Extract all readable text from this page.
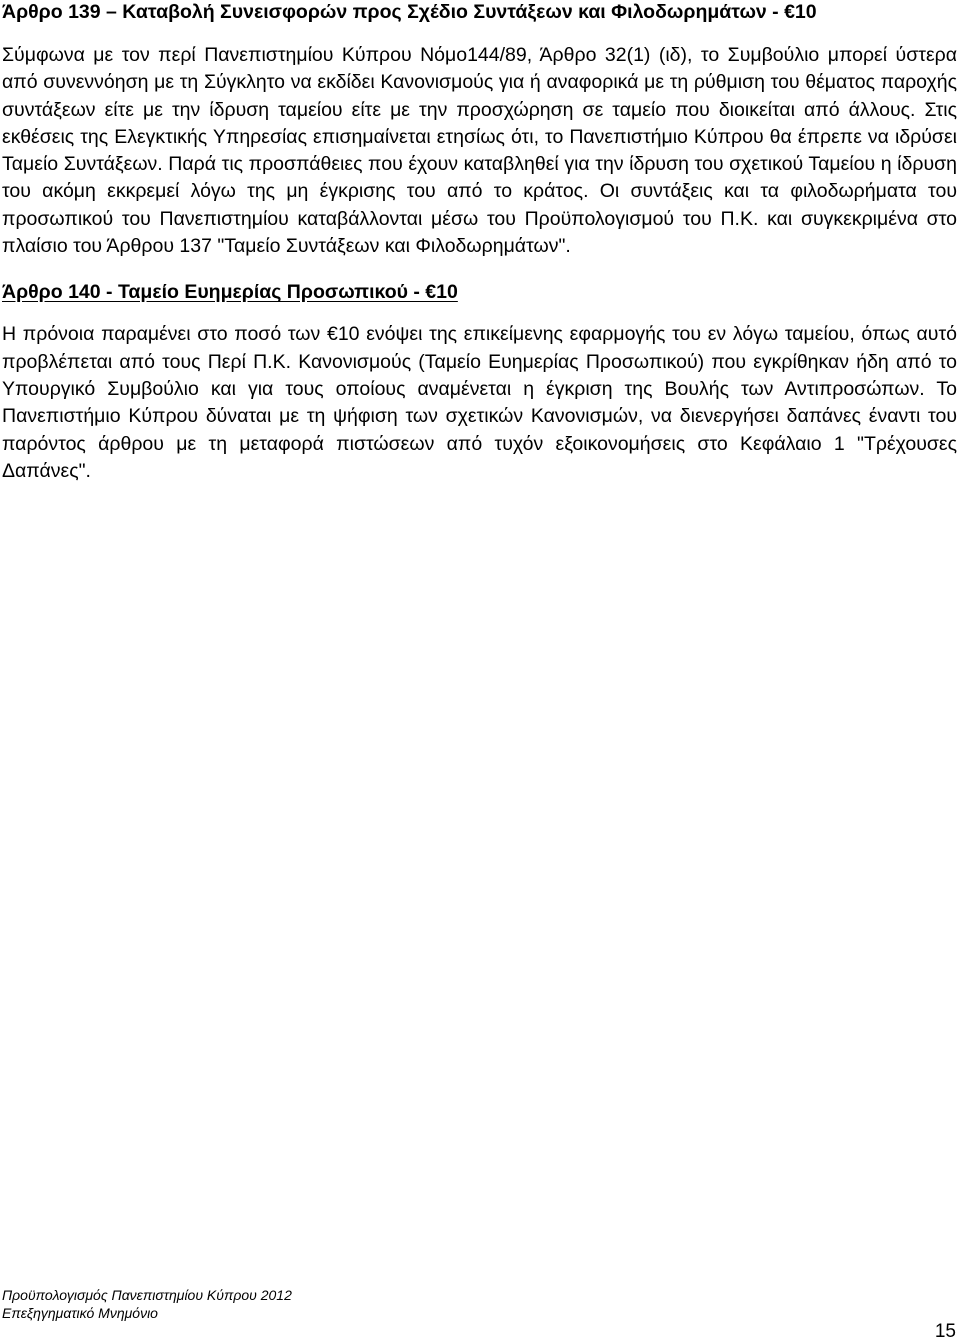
Άρθρο 139 – Καταβολή Συνεισφορών προς Σχέδιο Συντάξεων και Φιλοδωρημάτων - €10

Σύμφωνα με τον περί Πανεπιστημίου Κύπρου Νόμο144/89, Άρθρο 32(1) (ιδ), το Συμβούλιο μπορεί ύστερα από συνεννόηση με τη Σύγκλητο να εκδίδει Κανονισμούς για ή αναφορικά με τη ρύθμιση του θέματος παροχής συντάξεων είτε με την ίδρυση ταμείου είτε με την προσχώρηση σε ταμείο που διοικείται από άλλους. Στις εκθέσεις της Ελεγκτικής Υπηρεσίας επισημαίνεται ετησίως ότι, το Πανεπιστήμιο Κύπρου θα έπρεπε να ιδρύσει Ταμείο Συντάξεων. Παρά τις προσπάθειες που έχουν καταβληθεί για την ίδρυση του σχετικού Ταμείου η ίδρυση του ακόμη εκκρεμεί λόγω της μη έγκρισης του από το κράτος. Οι συντάξεις και τα φιλοδωρήματα του προσωπικού του Πανεπιστημίου καταβάλλονται μέσω του Προϋπολογισμού του Π.Κ. και συγκεκριμένα στο πλαίσιο του Άρθρου 137 "Ταμείο Συντάξεων και Φιλοδωρημάτων".

Άρθρο 140 - Ταμείο Ευημερίας Προσωπικού - €10

Η πρόνοια παραμένει στο ποσό των €10 ενόψει της επικείμενης εφαρμογής του εν λόγω ταμείου, όπως αυτό προβλέπεται από τους Περί Π.Κ. Κανονισμούς (Ταμείο Ευημερίας Προσωπικού) που εγκρίθηκαν ήδη από το Υπουργικό Συμβούλιο και για τους οποίους αναμένεται η έγκριση της Βουλής των Αντιπροσώπων. Το Πανεπιστήμιο Κύπρου δύναται με τη ψήφιση των σχετικών Κανονισμών, να διενεργήσει δαπάνες έναντι του παρόντος άρθρου με τη μεταφορά πιστώσεων από τυχόν εξοικονομήσεις στο Κεφάλαιο 1 "Τρέχουσες Δαπάνες".

Προϋπολογισμός Πανεπιστημίου Κύπρου 2012
Επεξηγηματικό Μνημόνιο
15
